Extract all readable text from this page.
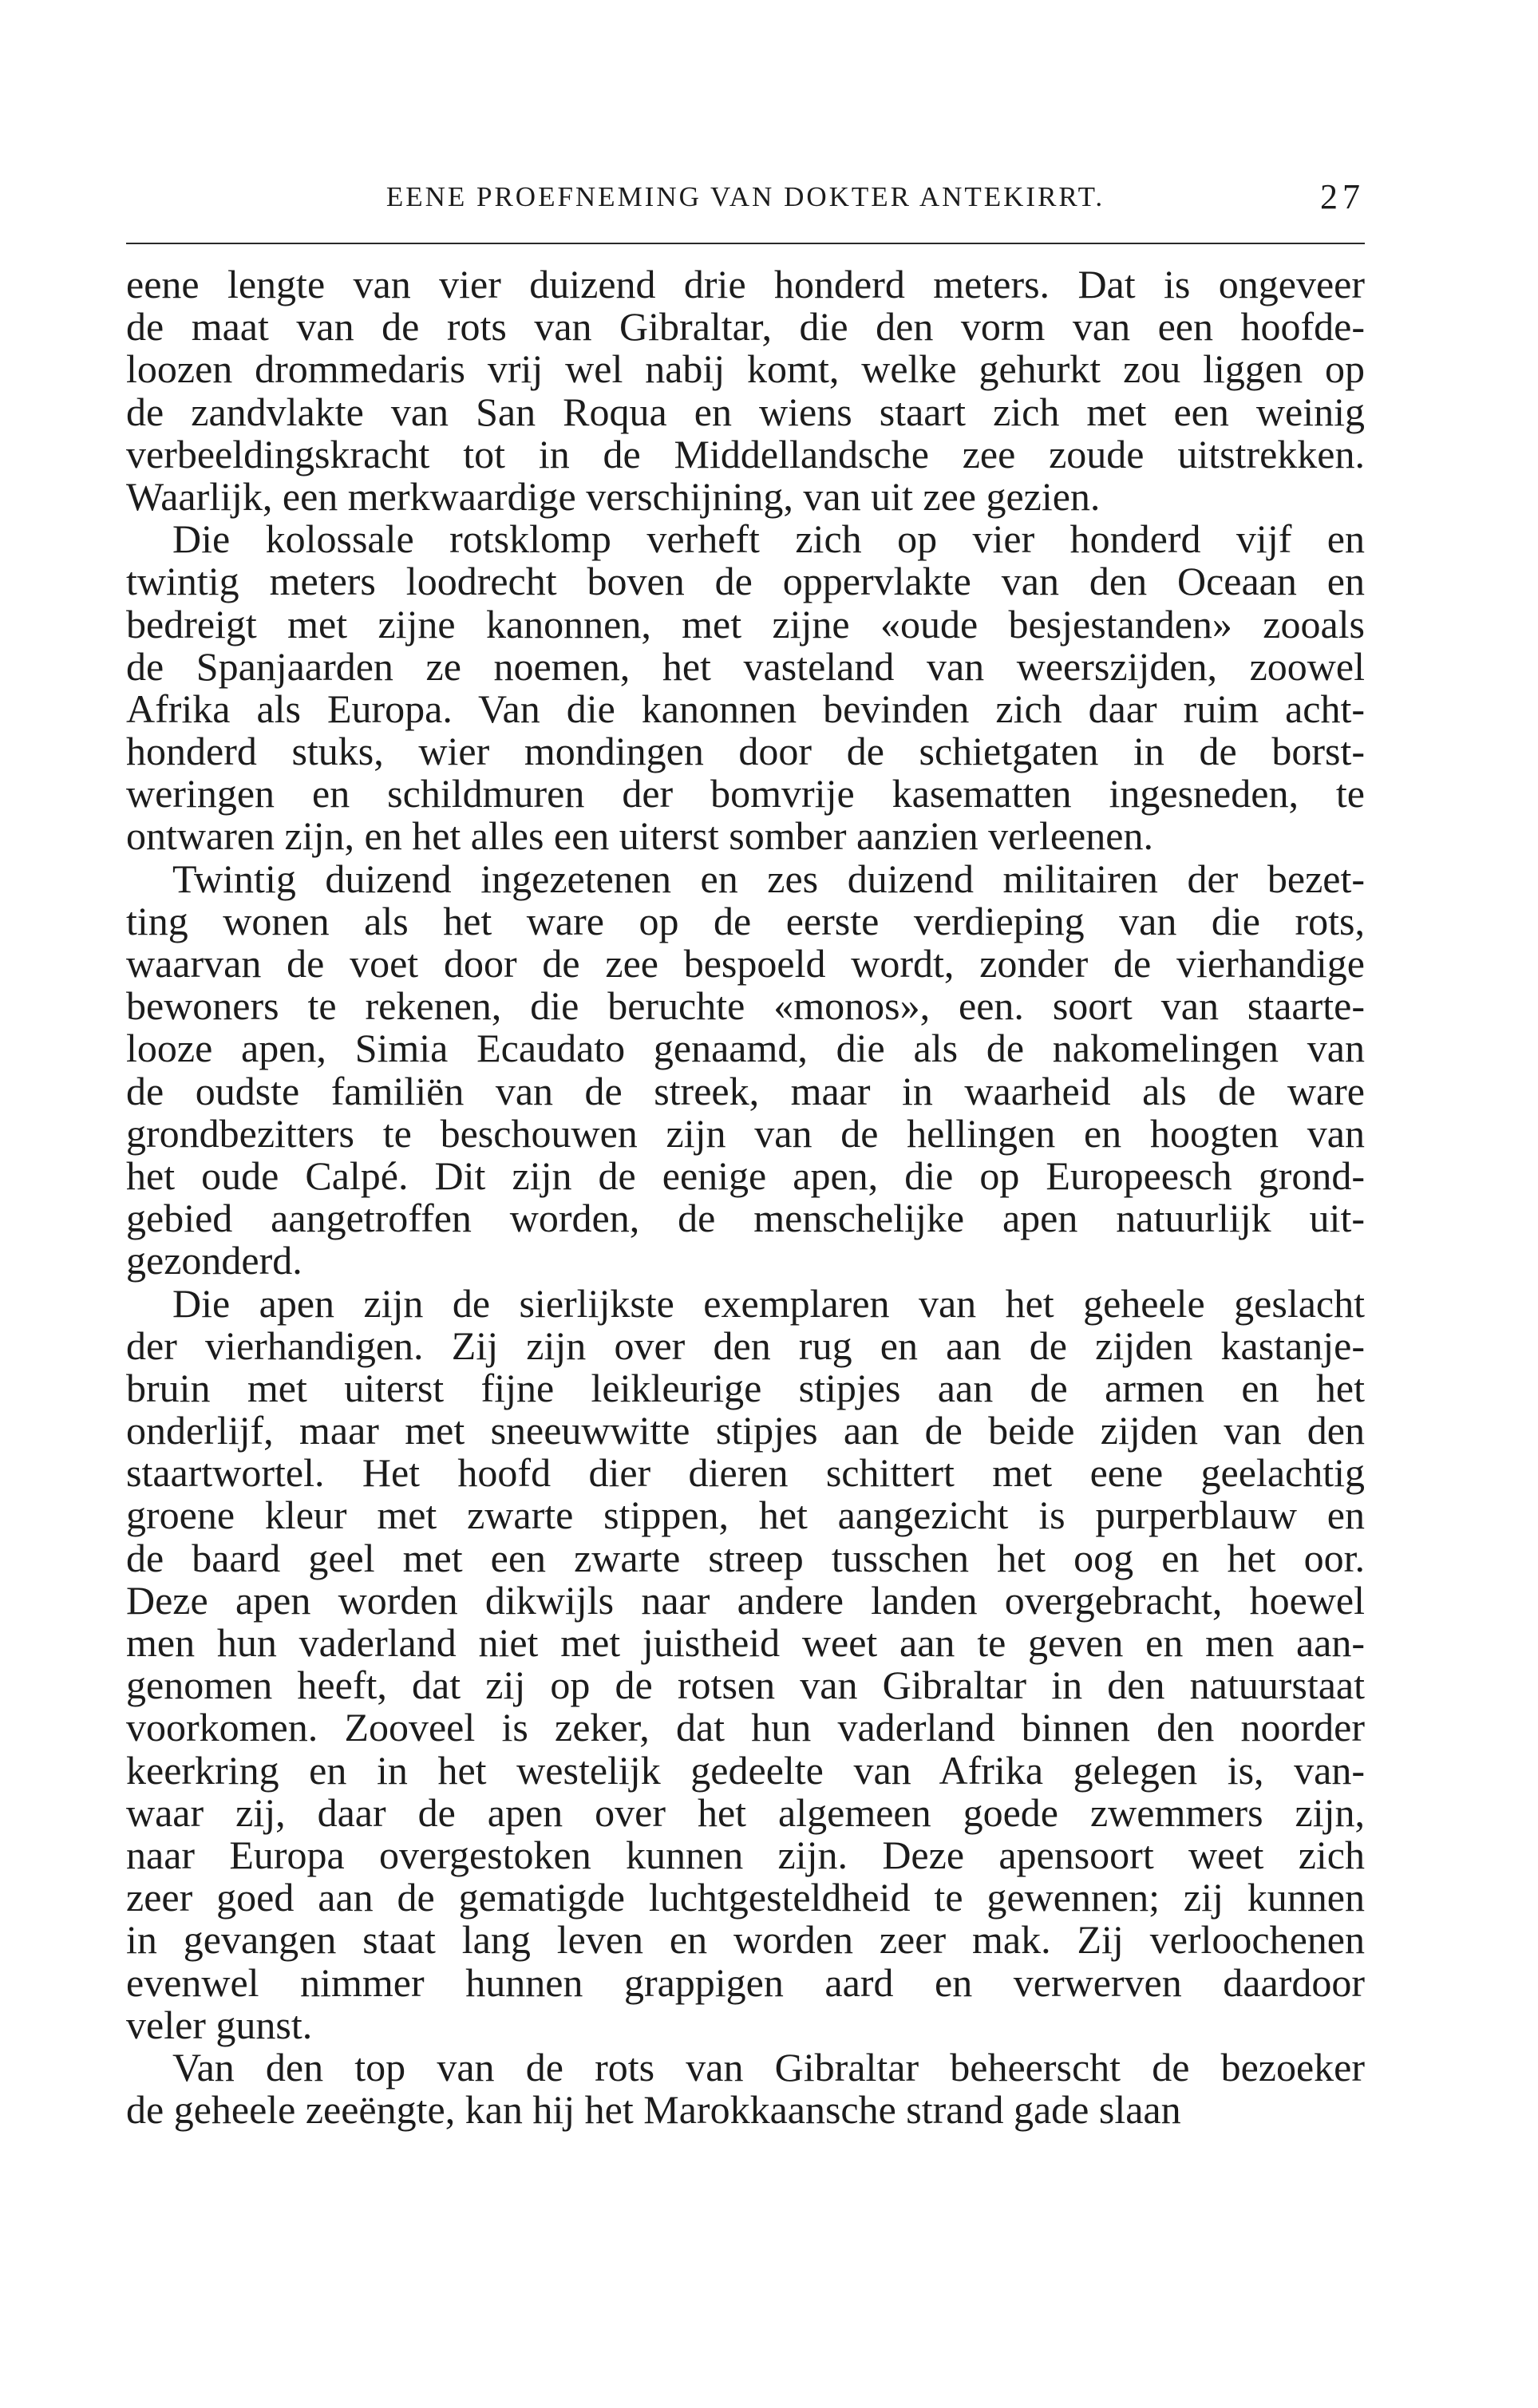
EENE PROEFNEMING VAN DOKTER ANTEKIRRT.	27
eene lengte van vier duizend drie honderd meters. Dat is ongeveer
de maat van de rots van Gibraltar, die den vorm van een hoofde-
loozen drommedaris vrij wel nabij komt, welke gehurkt zou liggen op
de zandvlakte van San Roqua en wiens staart zich met een weinig
verbeeldingskracht tot in de Middellandsche zee zoude uitstrekken.
Waarlijk, een merkwaardige verschijning, van uit zee gezien.
Die kolossale rotsklomp verheft zich op vier honderd vijf en
twintig meters loodrecht boven de oppervlakte van den Oceaan en
bedreigt met zijne kanonnen, met zijne «oude besjestanden» zooals
de Spanjaarden ze noemen, het vasteland van weerszijden, zoowel
Afrika als Europa. Van die kanonnen bevinden zich daar ruim acht-
honderd stuks, wier mondingen door de schietgaten in de borst-
weringen en schildmuren der bomvrije kasematten ingesneden, te
ontwaren zijn, en het alles een uiterst somber aanzien verleenen.
Twintig duizend ingezetenen en zes duizend militairen der bezet-
ting wonen als het ware op de eerste verdieping van die rots,
waarvan de voet door de zee bespoeld wordt, zonder de vierhandige
bewoners te rekenen, die beruchte «monos», een. soort van staarte-
looze apen, Simia Ecaudato genaamd, die als de nakomelingen van
de oudste familiën van de streek, maar in waarheid als de ware
grondbezitters te beschouwen zijn van de hellingen en hoogten van
het oude Calpé. Dit zijn de eenige apen, die op Europeesch grond-
gebied aangetroffen worden, de menschelijke apen natuurlijk uit-
gezonderd.
Die apen zijn de sierlijkste exemplaren van het geheele geslacht
der vierhandigen. Zij zijn over den rug en aan de zijden kastanje-
bruin met uiterst fijne leikleurige stipjes aan de armen en het
onderlijf, maar met sneeuwwitte stipjes aan de beide zijden van den
staartwortel. Het hoofd dier dieren schittert met eene geelachtig
groene kleur met zwarte stippen, het aangezicht is purperblauw en
de baard geel met een zwarte streep tusschen het oog en het oor.
Deze apen worden dikwijls naar andere landen overgebracht, hoewel
men hun vaderland niet met juistheid weet aan te geven en men aan-
genomen heeft, dat zij op de rotsen van Gibraltar in den natuurstaat
voorkomen. Zooveel is zeker, dat hun vaderland binnen den noorder
keerkring en in het westelijk gedeelte van Afrika gelegen is, van-
waar zij, daar de apen over het algemeen goede zwemmers zijn,
naar Europa overgestoken kunnen zijn. Deze apensoort weet zich
zeer goed aan de gematigde luchtgesteldheid te gewennen; zij kunnen
in gevangen staat lang leven en worden zeer mak. Zij verloochenen
evenwel nimmer hunnen grappigen aard en verwerven daardoor
veler gunst.
Van den top van de rots van Gibraltar beheerscht de bezoeker
de geheele zeeëngte, kan hij het Marokkaansche strand gade slaan
